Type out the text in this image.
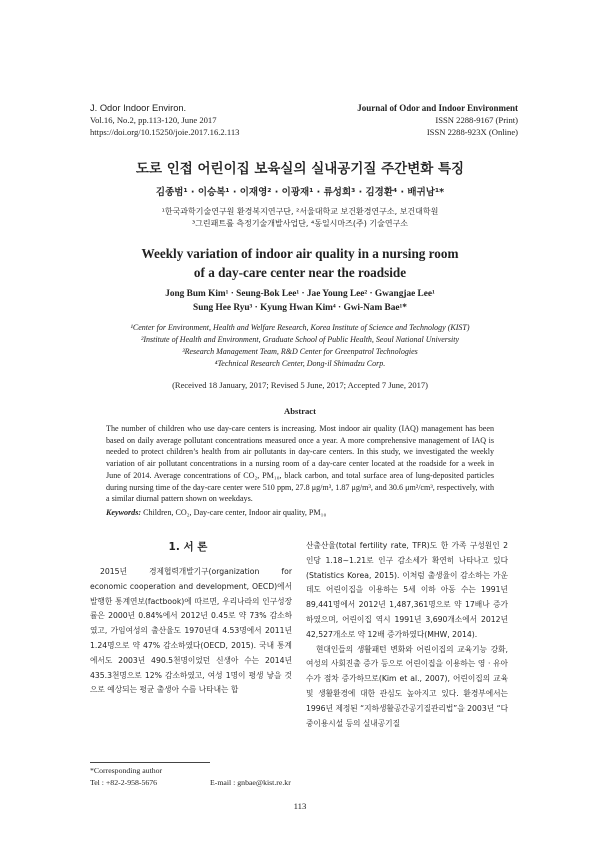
J. Odor Indoor Environ.
Vol.16, No.2, pp.113-120, June 2017
https://doi.org/10.15250/joie.2017.16.2.113
Journal of Odor and Indoor Environment
ISSN 2288-9167 (Print)
ISSN 2288-923X (Online)
도로 인접 어린이집 보육실의 실내공기질 주간변화 특징
김종범¹ · 이승복¹ · 이재영² · 이광재¹ · 류성희³ · 김경환⁴ · 배귀남¹*
¹한국과학기술연구원 환경복지연구단, ²서울대학교 보건환경연구소, 보건대학원
³그린패트롤 측정기술개발사업단, ⁴동일시마즈(주) 기술연구소
Weekly variation of indoor air quality in a nursing room
of a day-care center near the roadside
Jong Bum Kim¹ · Seung-Bok Lee¹ · Jae Young Lee² · Gwangjae Lee¹
Sung Hee Ryu³ · Kyung Hwan Kim⁴ · Gwi-Nam Bae¹*
¹Center for Environment, Health and Welfare Research, Korea Institute of Science and Technology (KIST)
²Institute of Health and Environment, Graduate School of Public Health, Seoul National University
³Research Management Team, R&D Center for Greenpatrol Technologies
⁴Technical Research Center, Dong-il Shimadzu Corp.
(Received 18 January, 2017; Revised 5 June, 2017; Accepted 7 June, 2017)
Abstract
The number of children who use day-care centers is increasing. Most indoor air quality (IAQ) management has been based on daily average pollutant concentrations measured once a year. A more comprehensive management of IAQ is needed to protect children’s health from air pollutants in day-care centers. In this study, we investigated the weekly variation of air pollutant concentrations in a nursing room of a day-care center located at the roadside for a week in June of 2014. Average concentrations of CO₂, PM₁₀, black carbon, and total surface area of lung-deposited particles during nursing time of the day-care center were 510 ppm, 27.8 μg/m³, 1.87 μg/m³, and 30.6 μm²/cm³, respectively, with a similar diurnal pattern shown on weekdays.
Keywords: Children, CO₂, Day-care center, Indoor air quality, PM₁₀
1. 서 론

2015년 경제협력개발기구(organization for economic cooperation and development, OECD)에서 발행한 통계연보(factbook)에 따르면, 우리나라의 인구성장률은 2000년 0.84%에서 2012년 0.45로 약 73% 감소하였고, 가임여성의 출산율도 1970년대 4.53명에서 2011년 1.24명으로 약 47% 감소하였다(OECD, 2015). 국내 통계에서도 2003년 490.5천명이었던 신생아 수는 2014년 435.3천명으로 12% 감소하였고, 여성 1명이 평생 낳을 것으로 예상되는 평균 출생아 수를 나타내는 합

산출산율(total fertility rate, TFR)도 한 가족 구성원인 2인당 1.18~1.21로 인구 감소세가 확연히 나타나고 있다(Statistics Korea, 2015). 이처럼 출생율이 감소하는 가운데도 어린이집을 이용하는 5세 이하 아동 수는 1991년 89,441명에서 2012년 1,487,361명으로 약 17배나 증가하였으며, 어린이집 역시 1991년 3,690개소에서 2012년 42,527개소로 약 12배 증가하였다(MHW, 2014).

현대인들의 생활패턴 변화와 어린이집의 교육기능 강화, 여성의 사회진출 증가 등으로 어린이집을 이용하는 영 · 유아 수가 점차 증가하므로(Kim et al., 2007), 어린이집의 교육 및 생활환경에 대한 관심도 높아지고 있다. 환경부에서는 1996년 제정된 “지하생활공간공기질관리법”을 2003년 “다중이용시설 등의 실내공기질

*Corresponding author
Tel : +82-2-958-5676	E-mail : gnbae@kist.re.kr
113
